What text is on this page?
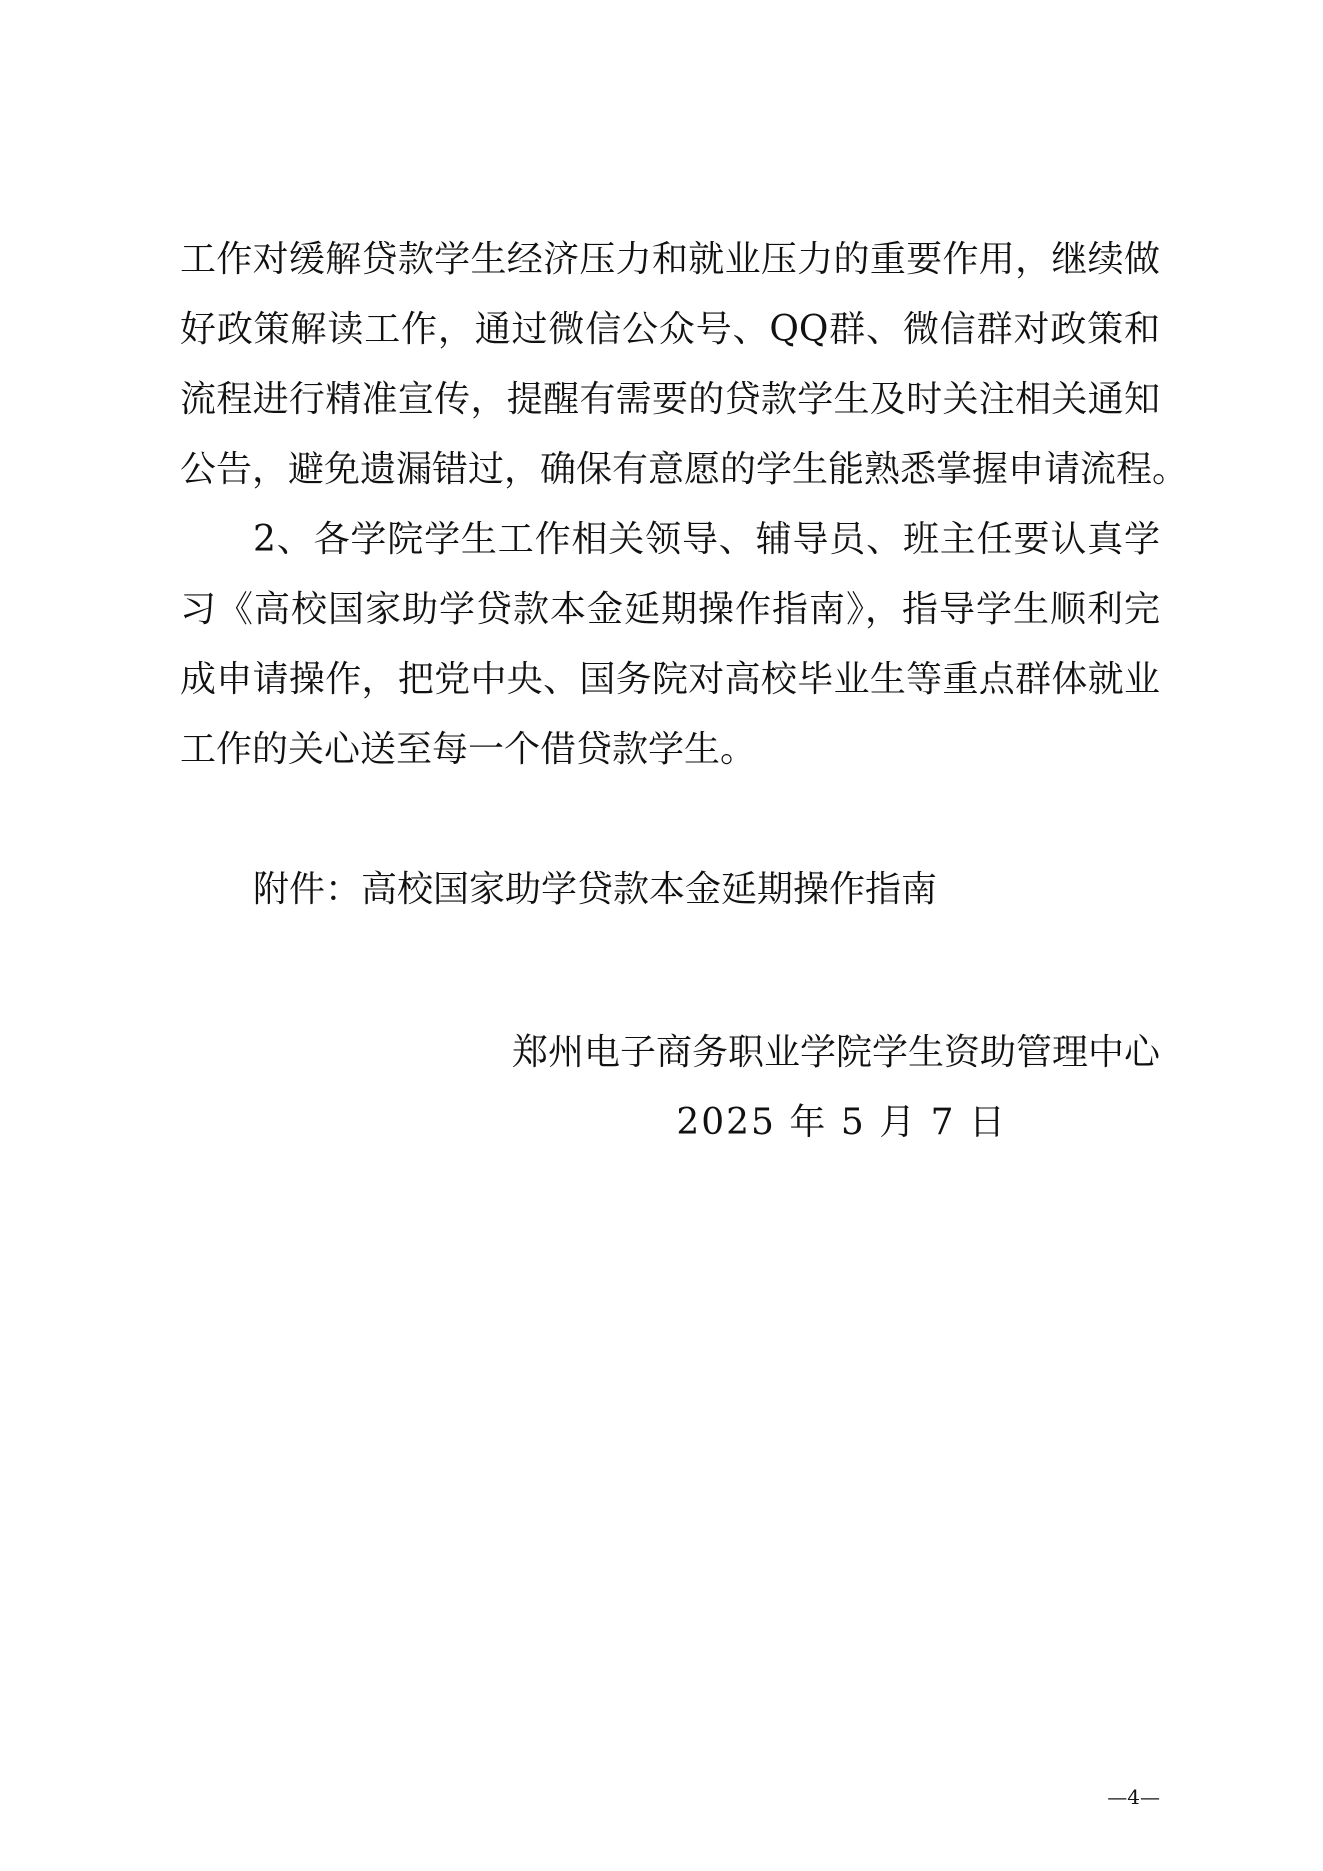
工作对缓解贷款学生经济压力和就业压力的重要作用，继续做

好政策解读工作，通过微信公众号、QQ群、微信群对政策和

流程进行精准宣传，提醒有需要的贷款学生及时关注相关通知

公告，避免遗漏错过，确保有意愿的学生能熟悉掌握申请流程。

2、各学院学生工作相关领导、辅导员、班主任要认真学

习《高校国家助学贷款本金延期操作指南》，指导学生顺利完

成申请操作，把党中央、国务院对高校毕业生等重点群体就业

工作的关心送至每一个借贷款学生。

附件：高校国家助学贷款本金延期操作指南

郑州电子商务职业学院学生资助管理中心

2025 年 5 月 7 日

—4—
